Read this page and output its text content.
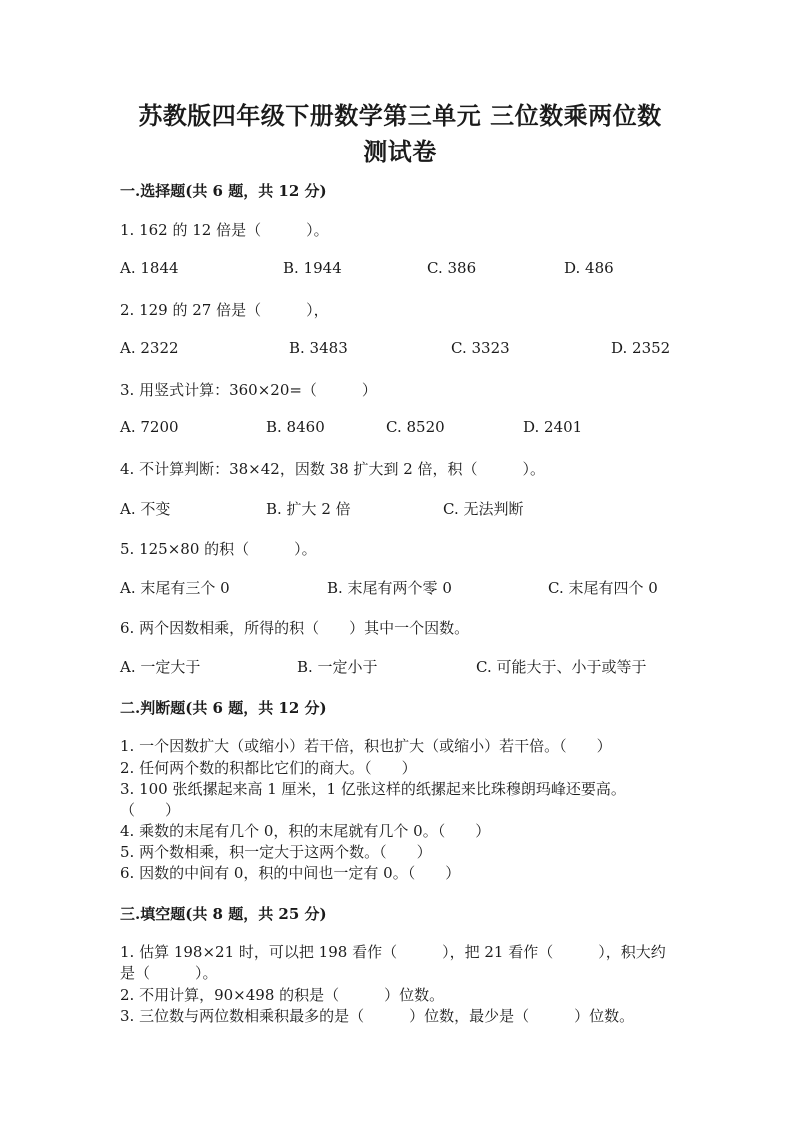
苏教版四年级下册数学第三单元 三位数乘两位数
测试卷
一.选择题(共 6 题，共 12 分)
1. 162 的 12 倍是（　　　）。
A. 1844	B. 1944	C. 386	D. 486
2. 129 的 27 倍是（　　　），
A. 2322	B. 3483	C. 3323	D. 2352
3. 用竖式计算：360×20=（　　　）
A. 7200	B. 8460	C. 8520	D. 2401
4. 不计算判断：38×42，因数 38 扩大到 2 倍，积（　　　）。
A. 不变	B. 扩大 2 倍	C. 无法判断
5. 125×80 的积（　　　）。
A. 末尾有三个 0	B. 末尾有两个零 0	C. 末尾有四个 0
6. 两个因数相乘，所得的积（　　）其中一个因数。
A. 一定大于	B. 一定小于	C. 可能大于、小于或等于
二.判断题(共 6 题，共 12 分)
1. 一个因数扩大（或缩小）若干倍，积也扩大（或缩小）若干倍。（　　）
2. 任何两个数的积都比它们的商大。（　　）
3. 100 张纸摞起来高 1 厘米，1 亿张这样的纸摞起来比珠穆朗玛峰还要高。
（　　）
4. 乘数的末尾有几个 0，积的末尾就有几个 0。（　　）
5. 两个数相乘，积一定大于这两个数。（　　）
6. 因数的中间有 0，积的中间也一定有 0。（　　）
三.填空题(共 8 题，共 25 分)
1. 估算 198×21 时，可以把 198 看作（　　　），把 21 看作（　　　），积大约
是（　　　）。
2. 不用计算，90×498 的积是（　　　）位数。
3. 三位数与两位数相乘积最多的是（　　　）位数，最少是（　　　）位数。
